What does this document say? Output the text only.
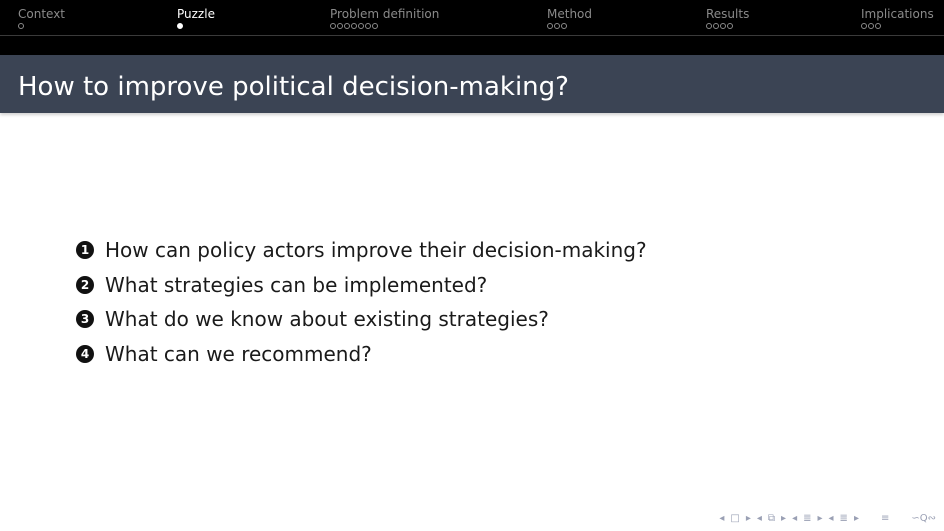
Context	Puzzle	Problem definition	Method	Results	Implications
How to improve political decision-making?
1 How can policy actors improve their decision-making?
2 What strategies can be implemented?
3 What do we know about existing strategies?
4 What can we recommend?
◂ □ ▸ ◂ ⧉ ▸ ◂ ≣ ▸ ◂ ≣ ▸ ≡ ∽Q∾
